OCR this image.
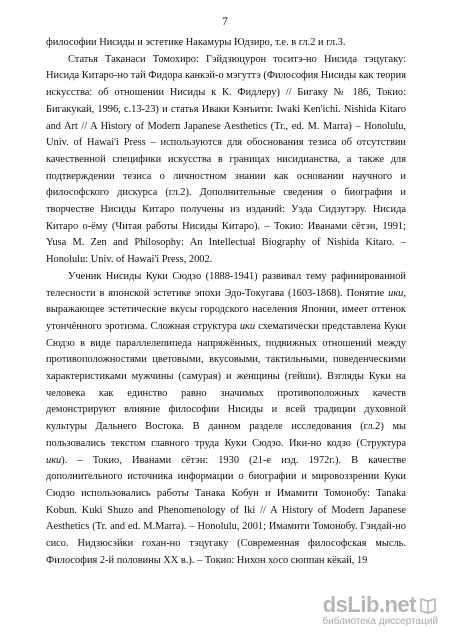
7

философии Нисиды и эстетике Накамуры Юдзиро, т.е. в гл.2 и гл.3.

Статья Таканаси Томохиро: Гэйдзюцурон тоситэ-но Нисида тэцугаку: Нисида Китаро-но тай Фидора канкэй-о мэгуттэ (Философия Нисиды как теория искусства: об отношении Нисиды к К. Фидлеру) // Бигаку № 186, Токио: Бигакукай, 1996, с.13-23) и статья Иваки Кэнъити: Iwaki Ken'ichi. Nishida Kitaro and Art // A History of Modern Japanese Aesthetics (Tr., ed. M. Marra) – Honolulu, Univ. of Hawai'i Press – используются для обоснования тезиса об отсутствии качественной специфики искусства в границах нисидианства, а также для подтверждении тезиса о личностном знании как основании научного и философского дискурса (гл.2). Дополнительные сведения о биографии и творчестве Нисиды Китаро получены из изданий: Уэда Сидзутэру. Нисида Китаро о-ёму (Читая работы Нисиды Китаро). – Токио: Иванами сётэн, 1991; Yusa M. Zen and Philosophy: An Intellectual Biography of Nishida Kitaro. – Honolulu: Univ. of Hawai'i Press, 2002.

Ученик Нисиды Куки Сюдзо (1888-1941) развивал тему рафинированной телесности в японской эстетике эпохи Эдо-Токугава (1603-1868). Понятие ики, выражающее эстетические вкусы городского населения Японии, имеет оттенок утончённого эротизма. Сложная структура ики схематически представлена Куки Сюдзо в виде параллелепипеда напряжённых, подвижных отношений между противоположностями цветовыми, вкусовыми, тактильными, поведенческими характеристиками мужчины (самурая) и женщины (гейши). Взгляды Куки на человека как единство равно значимых противоположных качеств демонстрируют влияние философии Нисиды и всей традиции духовной культуры Дальнего Востока. В данном разделе исследования (гл.2) мы пользовались текстом главного труда Куки Сюдзо. Ики-но кодзо (Структура ики). – Токио, Иванами сётэн: 1930 (21-е изд. 1972г.). В качестве дополнительного источника информации о биографии и мировоззрении Куки Сюдзо использовались работы Танака Кобун и Имамити Томонобу: Tanaka Kobun. Kuki Shuzo and Phenomenology of Iki // A History of Modern Japanese Aesthetics (Tr. and ed. M.Marra). – Honolulu, 2001; Имамити Томонобу. Гэндай-но сисо. Нидзюсэйки гохан-но тэцугаку (Современная философская мысль. Философия 2-й половины XX в.). – Токио: Нихон хосо сюппан кёкай, 19

dsLib.net
библиотека диссертаций
